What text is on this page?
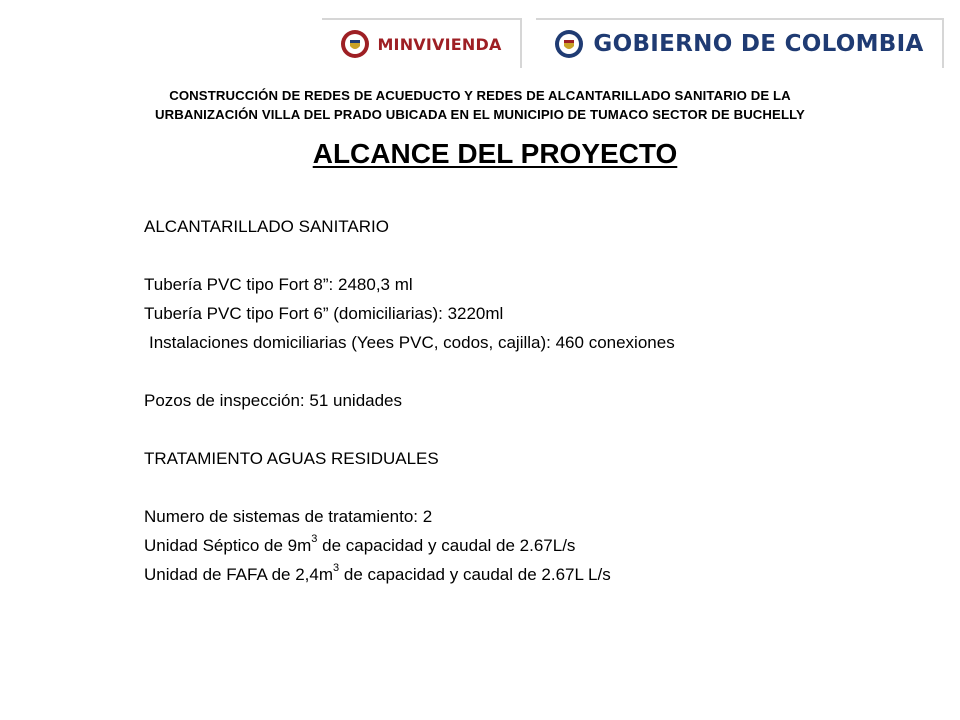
MINVIVIENDA	GOBIERNO DE COLOMBIA
CONSTRUCCIÓN DE REDES DE ACUEDUCTO Y REDES DE ALCANTARILLADO SANITARIO DE LA
URBANIZACIÓN VILLA DEL PRADO UBICADA EN EL MUNICIPIO DE TUMACO SECTOR DE BUCHELLY
ALCANCE DEL PROYECTO
ALCANTARILLADO SANITARIO
Tubería PVC tipo Fort 8”: 2480,3 ml
Tubería PVC tipo Fort 6” (domiciliarias): 3220ml
Instalaciones domiciliarias (Yees PVC, codos, cajilla): 460 conexiones
Pozos de inspección: 51 unidades
TRATAMIENTO AGUAS RESIDUALES
Numero de sistemas de tratamiento: 2
Unidad Séptico de $9m^3$ de capacidad y caudal de 2.67L/s
Unidad de FAFA de $2,4m^3$ de capacidad y caudal de 2.67L L/s
